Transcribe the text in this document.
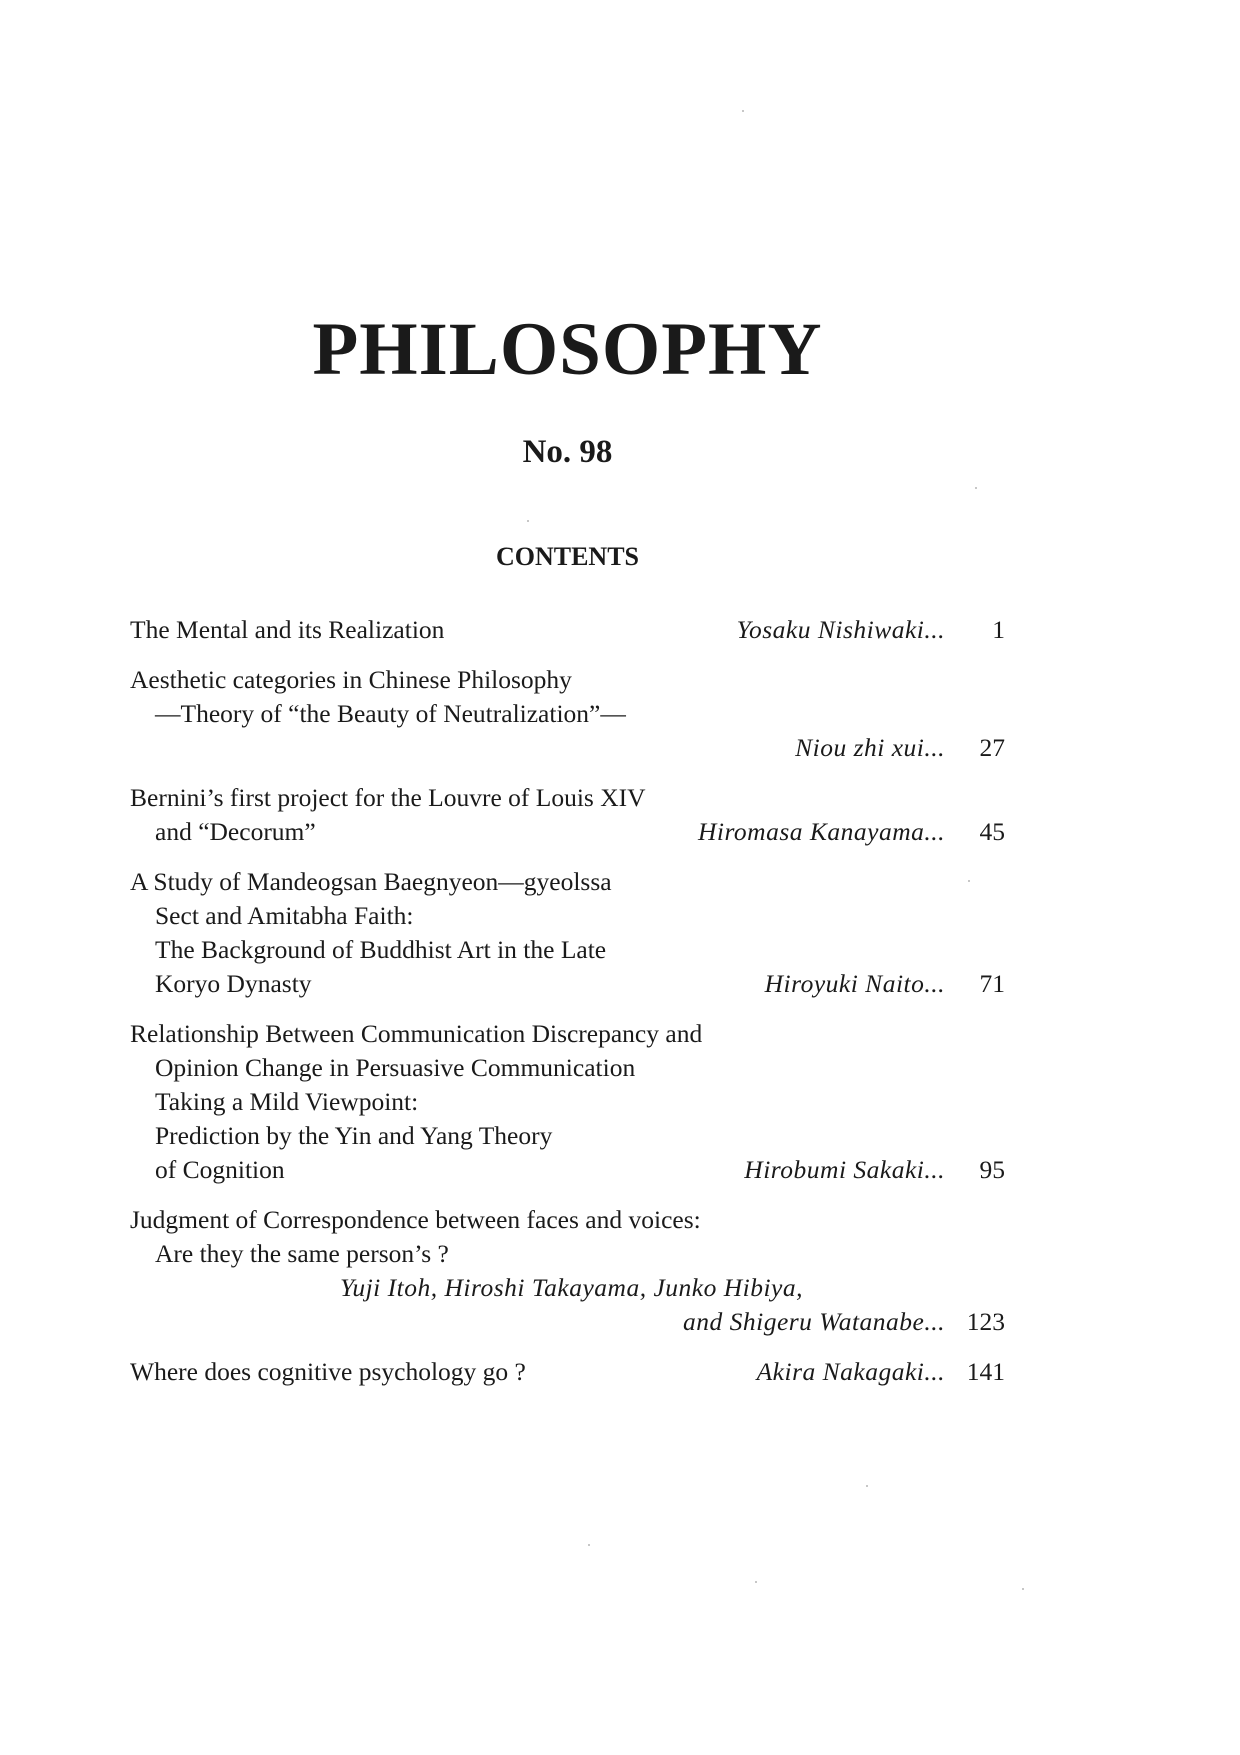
PHILOSOPHY
No. 98
CONTENTS
The Mental and its Realization	Yosaku Nishiwaki...	1
Aesthetic categories in Chinese Philosophy
—Theory of “the Beauty of Neutralization”—
Niou zhi xui...	27
Bernini’s first project for the Louvre of Louis XIV
and “Decorum”	Hiromasa Kanayama...	45
A Study of Mandeogsan Baegnyeon—gyeolssa
Sect and Amitabha Faith:
The Background of Buddhist Art in the Late
Koryo Dynasty	Hiroyuki Naito...	71
Relationship Between Communication Discrepancy and
Opinion Change in Persuasive Communication
Taking a Mild Viewpoint:
Prediction by the Yin and Yang Theory
of Cognition	Hirobumi Sakaki...	95
Judgment of Correspondence between faces and voices:
Are they the same person’s ?
Yuji Itoh, Hiroshi Takayama, Junko Hibiya,
and Shigeru Watanabe... 123
Where does cognitive psychology go ?	Akira Nakagaki... 141
